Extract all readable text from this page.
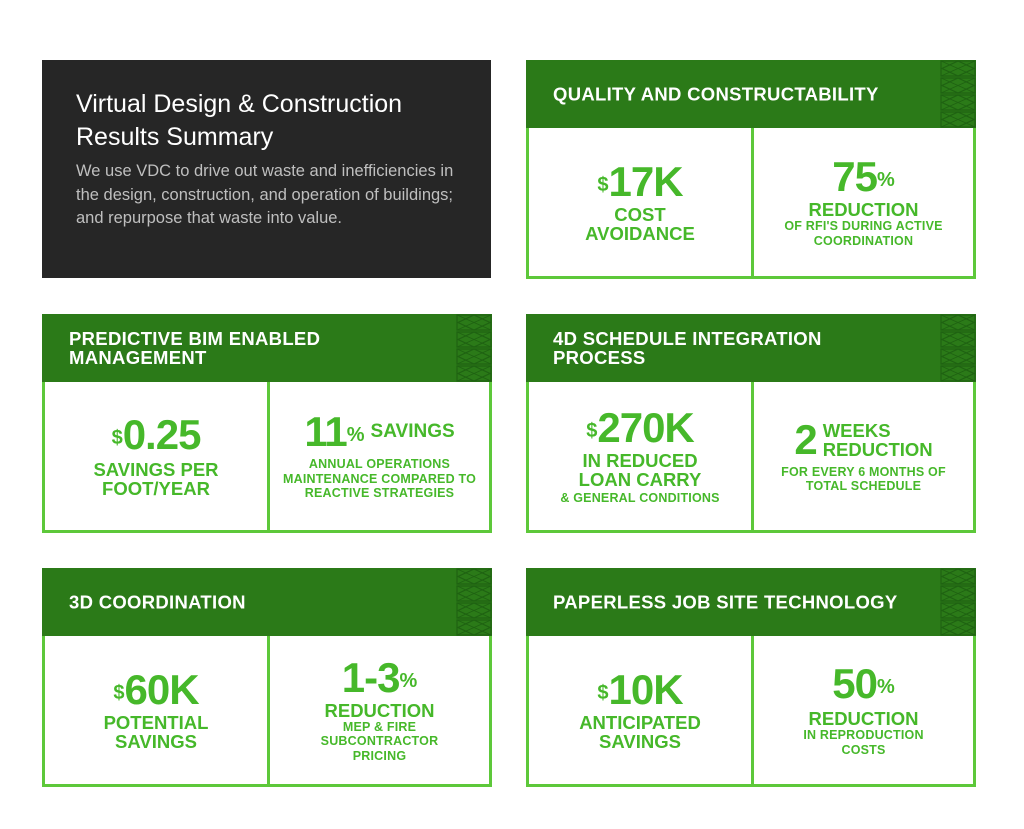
Virtual Design & Construction Results Summary

We use VDC to drive out waste and inefficiencies in the design, construction, and operation of buildings; and repurpose that waste into value.

QUALITY AND CONSTRUCTABILITY
$17K
COST AVOIDANCE
75%
REDUCTION
OF RFI'S DURING ACTIVE COORDINATION
PREDICTIVE BIM ENABLED MANAGEMENT
$0.25
SAVINGS PER FOOT/YEAR
11% SAVINGS
ANNUAL OPERATIONS MAINTENANCE COMPARED TO REACTIVE STRATEGIES
4D SCHEDULE INTEGRATION PROCESS
$270K
IN REDUCED LOAN CARRY
& GENERAL CONDITIONS
2 WEEKS
REDUCTION
FOR EVERY 6 MONTHS OF TOTAL SCHEDULE
3D COORDINATION
$60K
POTENTIAL SAVINGS
1-3%
REDUCTION
MEP & FIRE SUBCONTRACTOR PRICING
PAPERLESS JOB SITE TECHNOLOGY
$10K
ANTICIPATED SAVINGS
50%
REDUCTION
IN REPRODUCTION COSTS
